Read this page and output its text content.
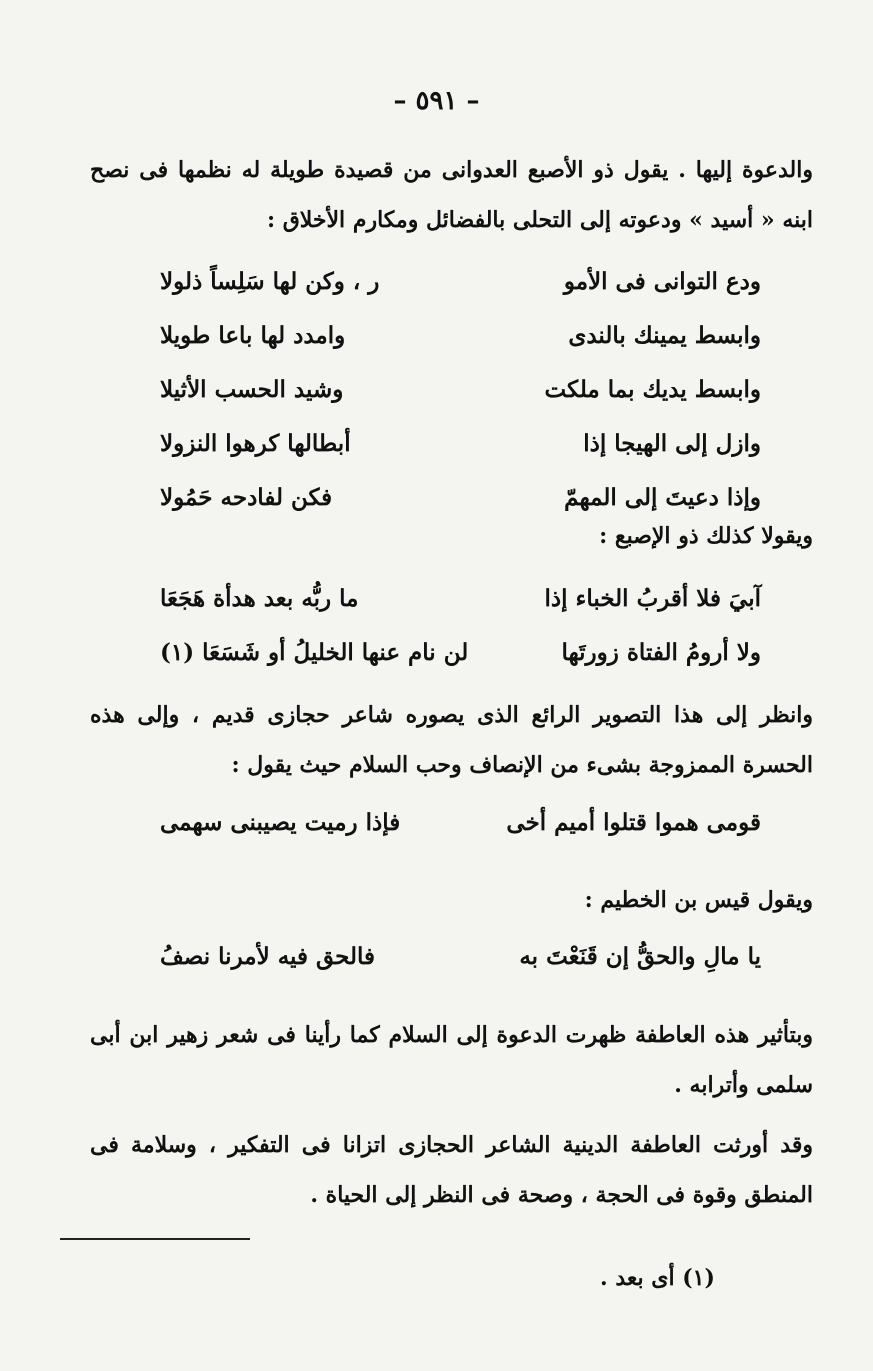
– ٥٩١ –
والدعوة إليها . يقول ذو الأصبع العدوانى من قصيدة طويلة له نظمها فى نصح ابنه « أسيد » ودعوته إلى التحلى بالفضائل ومكارم الأخلاق :
ودع التوانى فى الأمو
ر ، وكن لها سَلِساً ذلولا
وابسط يمينك بالندى
وامدد لها باعا طويلا
وابسط يديك بما ملكت
وشيد الحسب الأثيلا
وازل إلى الهيجا إذا
أبطالها كرهوا النزولا
وإذا دعيتَ إلى المهمّ
فكن لفادحه حَمُولا
ويقولا كذلك ذو الإصبع :
آبيَ فلا أقربُ الخباء إذا
ما ربُّه بعد هدأة هَجَعَا
ولا أرومُ الفتاة زورتَها
لن نام عنها الخليلُ أو شَسَعَا (١)
وانظر إلى هذا التصوير الرائع الذى يصوره شاعر حجازى قديم ، وإلى هذه الحسرة الممزوجة بشىء من الإنصاف وحب السلام حيث يقول :
قومى هموا قتلوا أميم أخى
فإذا رميت يصيبنى سهمى
ويقول قيس بن الخطيم :
يا مالِ والحقُّ إن قَنَعْتَ به
فالحق فيه لأمرنا نصفُ
وبتأثير هذه العاطفة ظهرت الدعوة إلى السلام كما رأينا فى شعر زهير ابن أبى سلمى وأترابه .
وقد أورثت العاطفة الدينية الشاعر الحجازى اتزانا فى التفكير ، وسلامة فى المنطق وقوة فى الحجة ، وصحة فى النظر إلى الحياة .
(١) أى بعد .
